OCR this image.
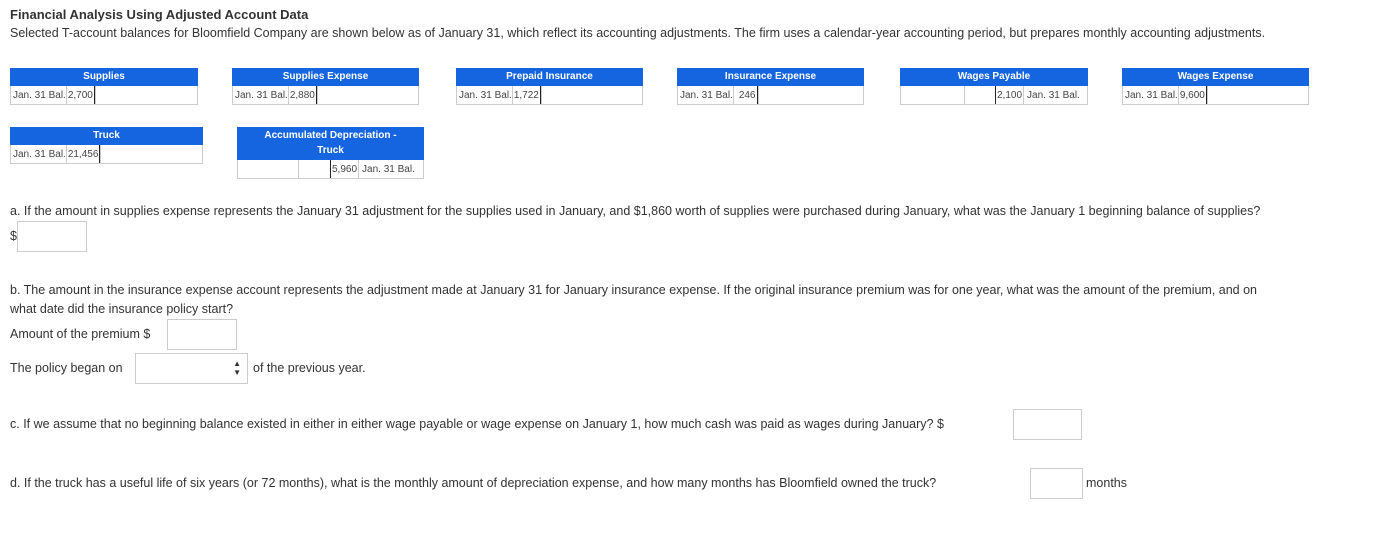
Financial Analysis Using Adjusted Account Data
Selected T-account balances for Bloomfield Company are shown below as of January 31, which reflect its accounting adjustments. The firm uses a calendar-year accounting period, but prepares monthly accounting adjustments.
Supplies
Jan. 31 Bal. 2,700
Supplies Expense
Jan. 31 Bal. 2,880
Prepaid Insurance
Jan. 31 Bal. 1,722
Insurance Expense
Jan. 31 Bal. 246
Wages Payable
2,100 Jan. 31 Bal.
Wages Expense
Jan. 31 Bal. 9,600
Truck
Jan. 31 Bal. 21,456
Accumulated Depreciation -
Truck
5,960 Jan. 31 Bal.
a. If the amount in supplies expense represents the January 31 adjustment for the supplies used in January, and $1,860 worth of supplies were purchased during January, what was the January 1 beginning balance of supplies?
$
b. The amount in the insurance expense account represents the adjustment made at January 31 for January insurance expense. If the original insurance premium was for one year, what was the amount of the premium, and on
what date did the insurance policy start?
Amount of the premium $
The policy began on	▲
▼ of the previous year.
c. If we assume that no beginning balance existed in either in either wage payable or wage expense on January 1, how much cash was paid as wages during January? $
d. If the truck has a useful life of six years (or 72 months), what is the monthly amount of depreciation expense, and how many months has Bloomfield owned the truck?	months
